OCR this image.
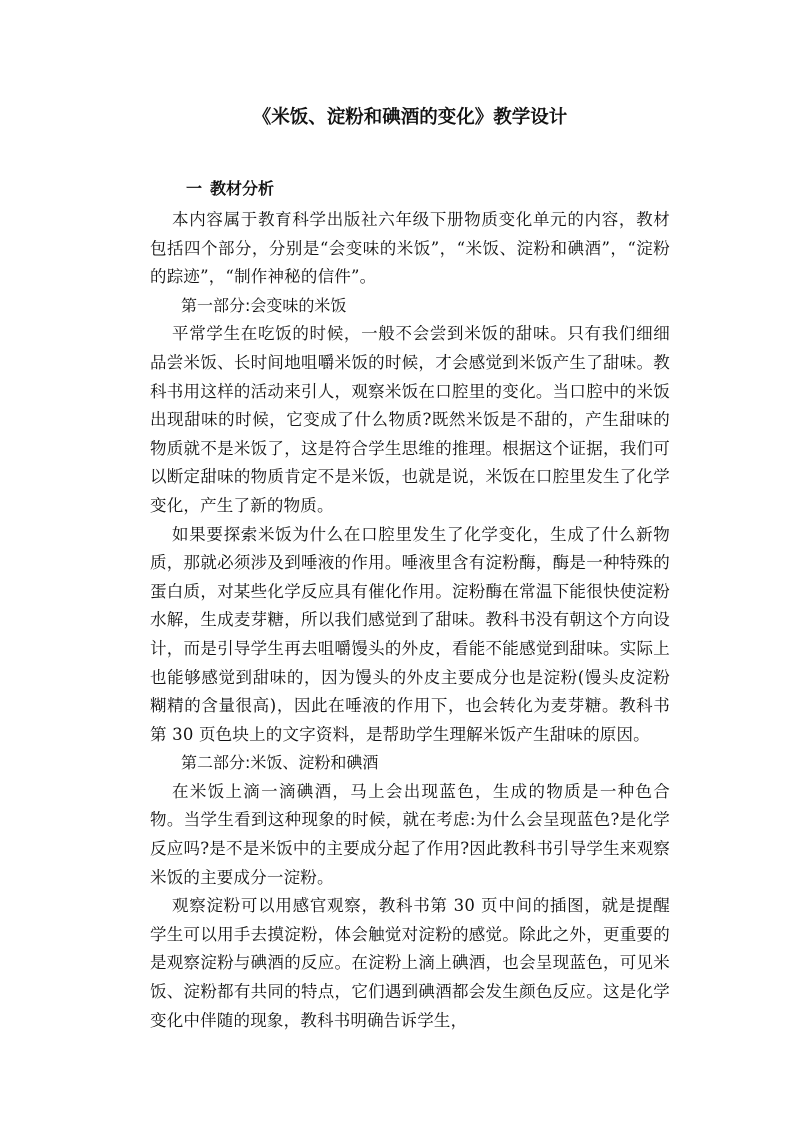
《米饭、淀粉和碘酒的变化》教学设计
一 教材分析

本内容属于教育科学出版社六年级下册物质变化单元的内容，教材包括四个部分，分别是“会变味的米饭”，“米饭、淀粉和碘酒”，“淀粉的踪迹”，“制作神秘的信件”。

第一部分:会变味的米饭

平常学生在吃饭的时候，一般不会尝到米饭的甜味。只有我们细细品尝米饭、长时间地咀嚼米饭的时候，才会感觉到米饭产生了甜味。教科书用这样的活动来引人，观察米饭在口腔里的变化。当口腔中的米饭出现甜味的时候，它变成了什么物质?既然米饭是不甜的，产生甜味的物质就不是米饭了，这是符合学生思维的推理。根据这个证据，我们可以断定甜味的物质肯定不是米饭，也就是说，米饭在口腔里发生了化学变化，产生了新的物质。

如果要探索米饭为什么在口腔里发生了化学变化，生成了什么新物质，那就必须涉及到唾液的作用。唾液里含有淀粉酶，酶是一种特殊的蛋白质，对某些化学反应具有催化作用。淀粉酶在常温下能很快使淀粉水解，生成麦芽糖，所以我们感觉到了甜味。教科书没有朝这个方向设计，而是引导学生再去咀嚼馒头的外皮，看能不能感觉到甜味。实际上也能够感觉到甜味的，因为馒头的外皮主要成分也是淀粉(馒头皮淀粉糊精的含量很高)，因此在唾液的作用下，也会转化为麦芽糖。教科书第 30 页色块上的文字资料，是帮助学生理解米饭产生甜味的原因。

第二部分:米饭、淀粉和碘酒

在米饭上滴一滴碘酒，马上会出现蓝色，生成的物质是一种色合物。当学生看到这种现象的时候，就在考虑:为什么会呈现蓝色?是化学反应吗?是不是米饭中的主要成分起了作用?因此教科书引导学生来观察米饭的主要成分一淀粉。

观察淀粉可以用感官观察，教科书第 30 页中间的插图，就是提醒学生可以用手去摸淀粉，体会触觉对淀粉的感觉。除此之外，更重要的是观察淀粉与碘酒的反应。在淀粉上滴上碘酒，也会呈现蓝色，可见米饭、淀粉都有共同的特点，它们遇到碘酒都会发生颜色反应。这是化学变化中伴随的现象，教科书明确告诉学生，
